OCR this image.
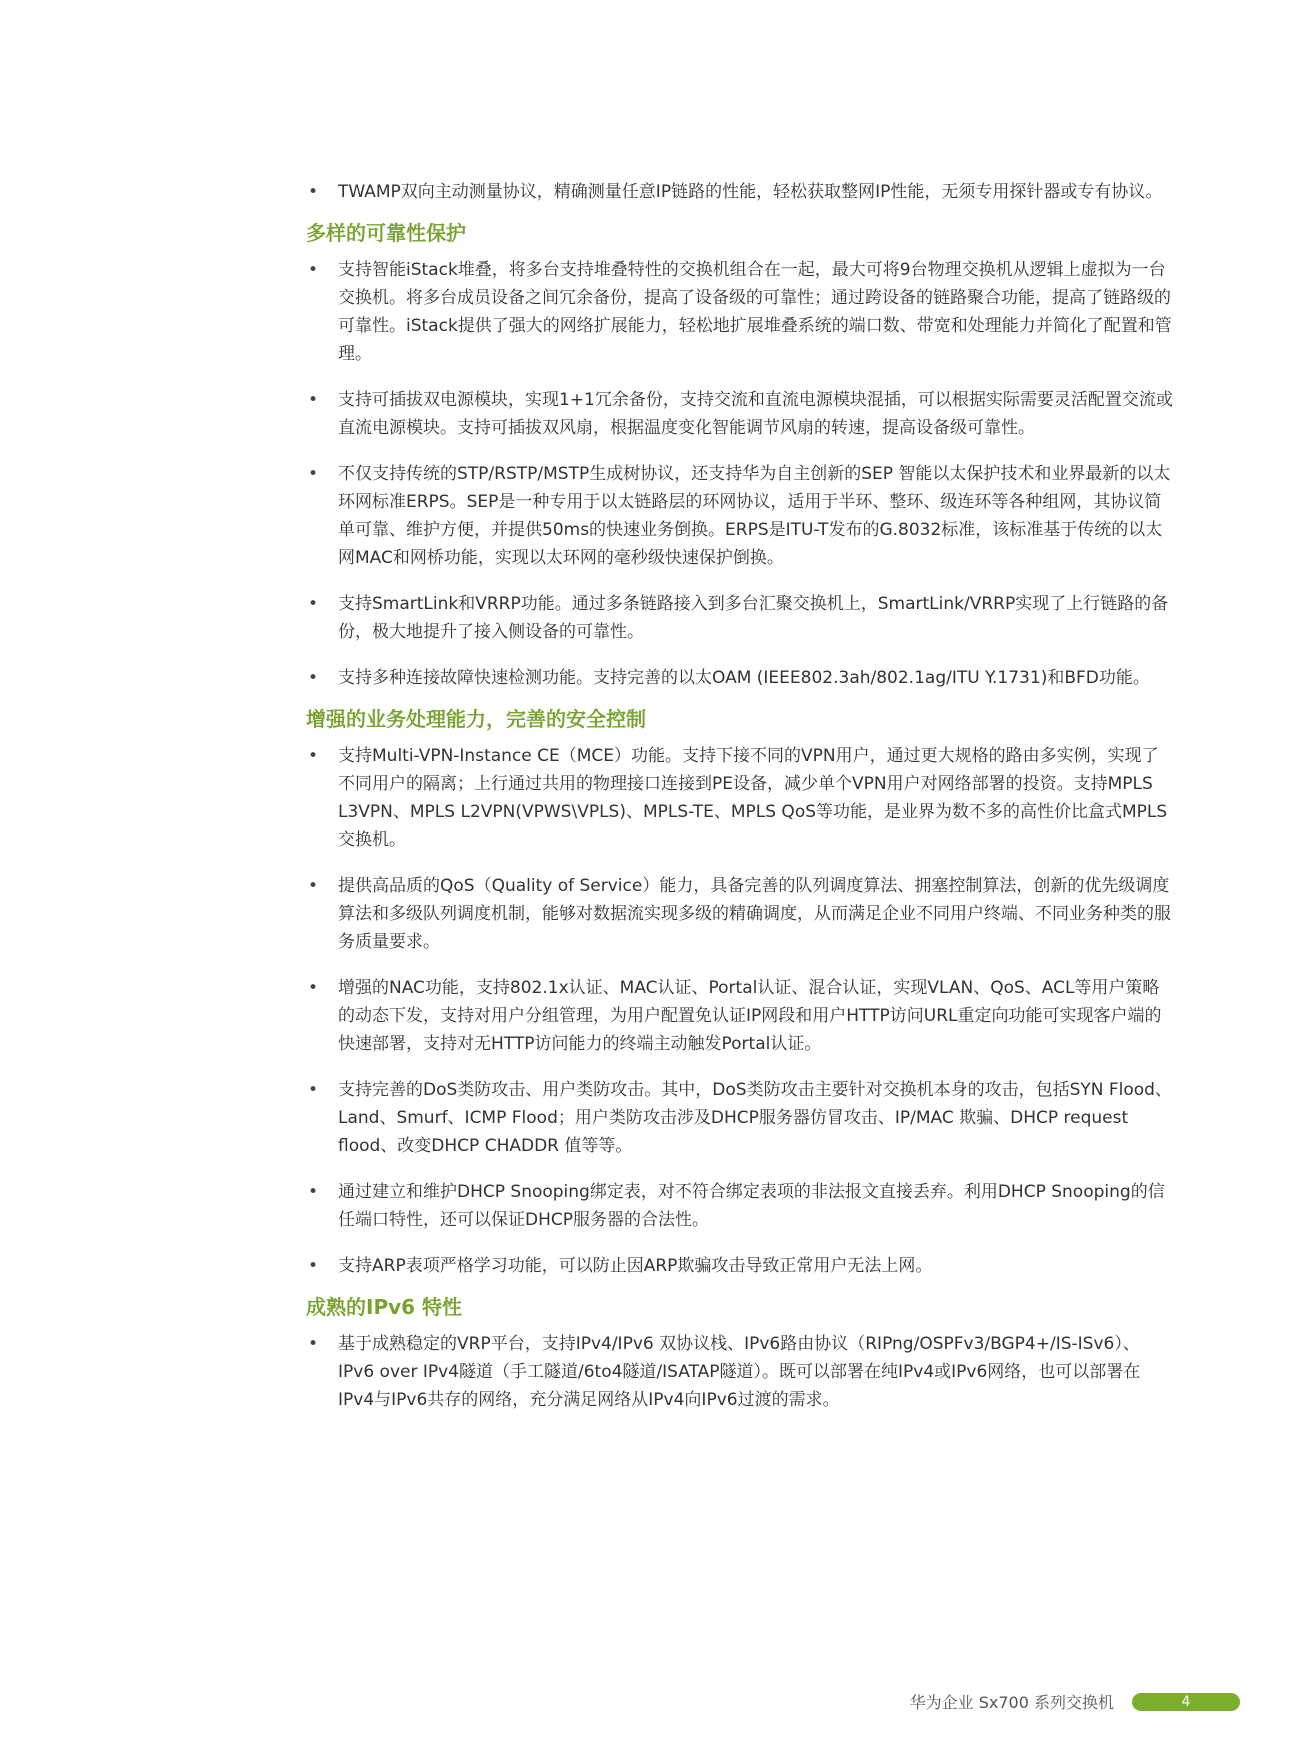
• TWAMP双向主动测量协议，精确测量任意IP链路的性能，轻松获取整网IP性能，无须专用探针器或专有协议。
多样的可靠性保护
• 支持智能iStack堆叠，将多台支持堆叠特性的交换机组合在一起，最大可将9台物理交换机从逻辑上虚拟为一台交换机。将多台成员设备之间冗余备份，提高了设备级的可靠性；通过跨设备的链路聚合功能，提高了链路级的可靠性。iStack提供了强大的网络扩展能力，轻松地扩展堆叠系统的端口数、带宽和处理能力并简化了配置和管理。
• 支持可插拔双电源模块，实现1+1冗余备份，支持交流和直流电源模块混插，可以根据实际需要灵活配置交流或直流电源模块。支持可插拔双风扇，根据温度变化智能调节风扇的转速，提高设备级可靠性。
• 不仅支持传统的STP/RSTP/MSTP生成树协议，还支持华为自主创新的SEP 智能以太保护技术和业界最新的以太环网标准ERPS。SEP是一种专用于以太链路层的环网协议，适用于半环、整环、级连环等各种组网，其协议简单可靠、维护方便，并提供50ms的快速业务倒换。ERPS是ITU-T发布的G.8032标准，该标准基于传统的以太网MAC和网桥功能，实现以太环网的毫秒级快速保护倒换。
• 支持SmartLink和VRRP功能。通过多条链路接入到多台汇聚交换机上，SmartLink/VRRP实现了上行链路的备份，极大地提升了接入侧设备的可靠性。
• 支持多种连接故障快速检测功能。支持完善的以太OAM (IEEE802.3ah/802.1ag/ITU Y.1731)和BFD功能。
增强的业务处理能力，完善的安全控制
• 支持Multi-VPN-Instance CE（MCE）功能。支持下接不同的VPN用户，通过更大规格的路由多实例，实现了不同用户的隔离；上行通过共用的物理接口连接到PE设备，减少单个VPN用户对网络部署的投资。支持MPLS L3VPN、MPLS L2VPN(VPWS\VPLS)、MPLS-TE、MPLS QoS等功能，是业界为数不多的高性价比盒式MPLS交换机。
• 提供高品质的QoS（Quality of Service）能力，具备完善的队列调度算法、拥塞控制算法，创新的优先级调度算法和多级队列调度机制，能够对数据流实现多级的精确调度，从而满足企业不同用户终端、不同业务种类的服务质量要求。
• 增强的NAC功能，支持802.1x认证、MAC认证、Portal认证、混合认证，实现VLAN、QoS、ACL等用户策略的动态下发，支持对用户分组管理，为用户配置免认证IP网段和用户HTTP访问URL重定向功能可实现客户端的快速部署，支持对无HTTP访问能力的终端主动触发Portal认证。
• 支持完善的DoS类防攻击、用户类防攻击。其中，DoS类防攻击主要针对交换机本身的攻击，包括SYN Flood、Land、Smurf、ICMP Flood；用户类防攻击涉及DHCP服务器仿冒攻击、IP/MAC 欺骗、DHCP request flood、改变DHCP CHADDR 值等等。
• 通过建立和维护DHCP Snooping绑定表，对不符合绑定表项的非法报文直接丢弃。利用DHCP Snooping的信任端口特性，还可以保证DHCP服务器的合法性。
• 支持ARP表项严格学习功能，可以防止因ARP欺骗攻击导致正常用户无法上网。
成熟的IPv6 特性
• 基于成熟稳定的VRP平台，支持IPv4/IPv6 双协议栈、IPv6路由协议（RIPng/OSPFv3/BGP4+/IS-ISv6）、IPv6 over IPv4隧道（手工隧道/6to4隧道/ISATAP隧道）。既可以部署在纯IPv4或IPv6网络，也可以部署在IPv4与IPv6共存的网络，充分满足网络从IPv4向IPv6过渡的需求。
华为企业 Sx700 系列交换机	4
